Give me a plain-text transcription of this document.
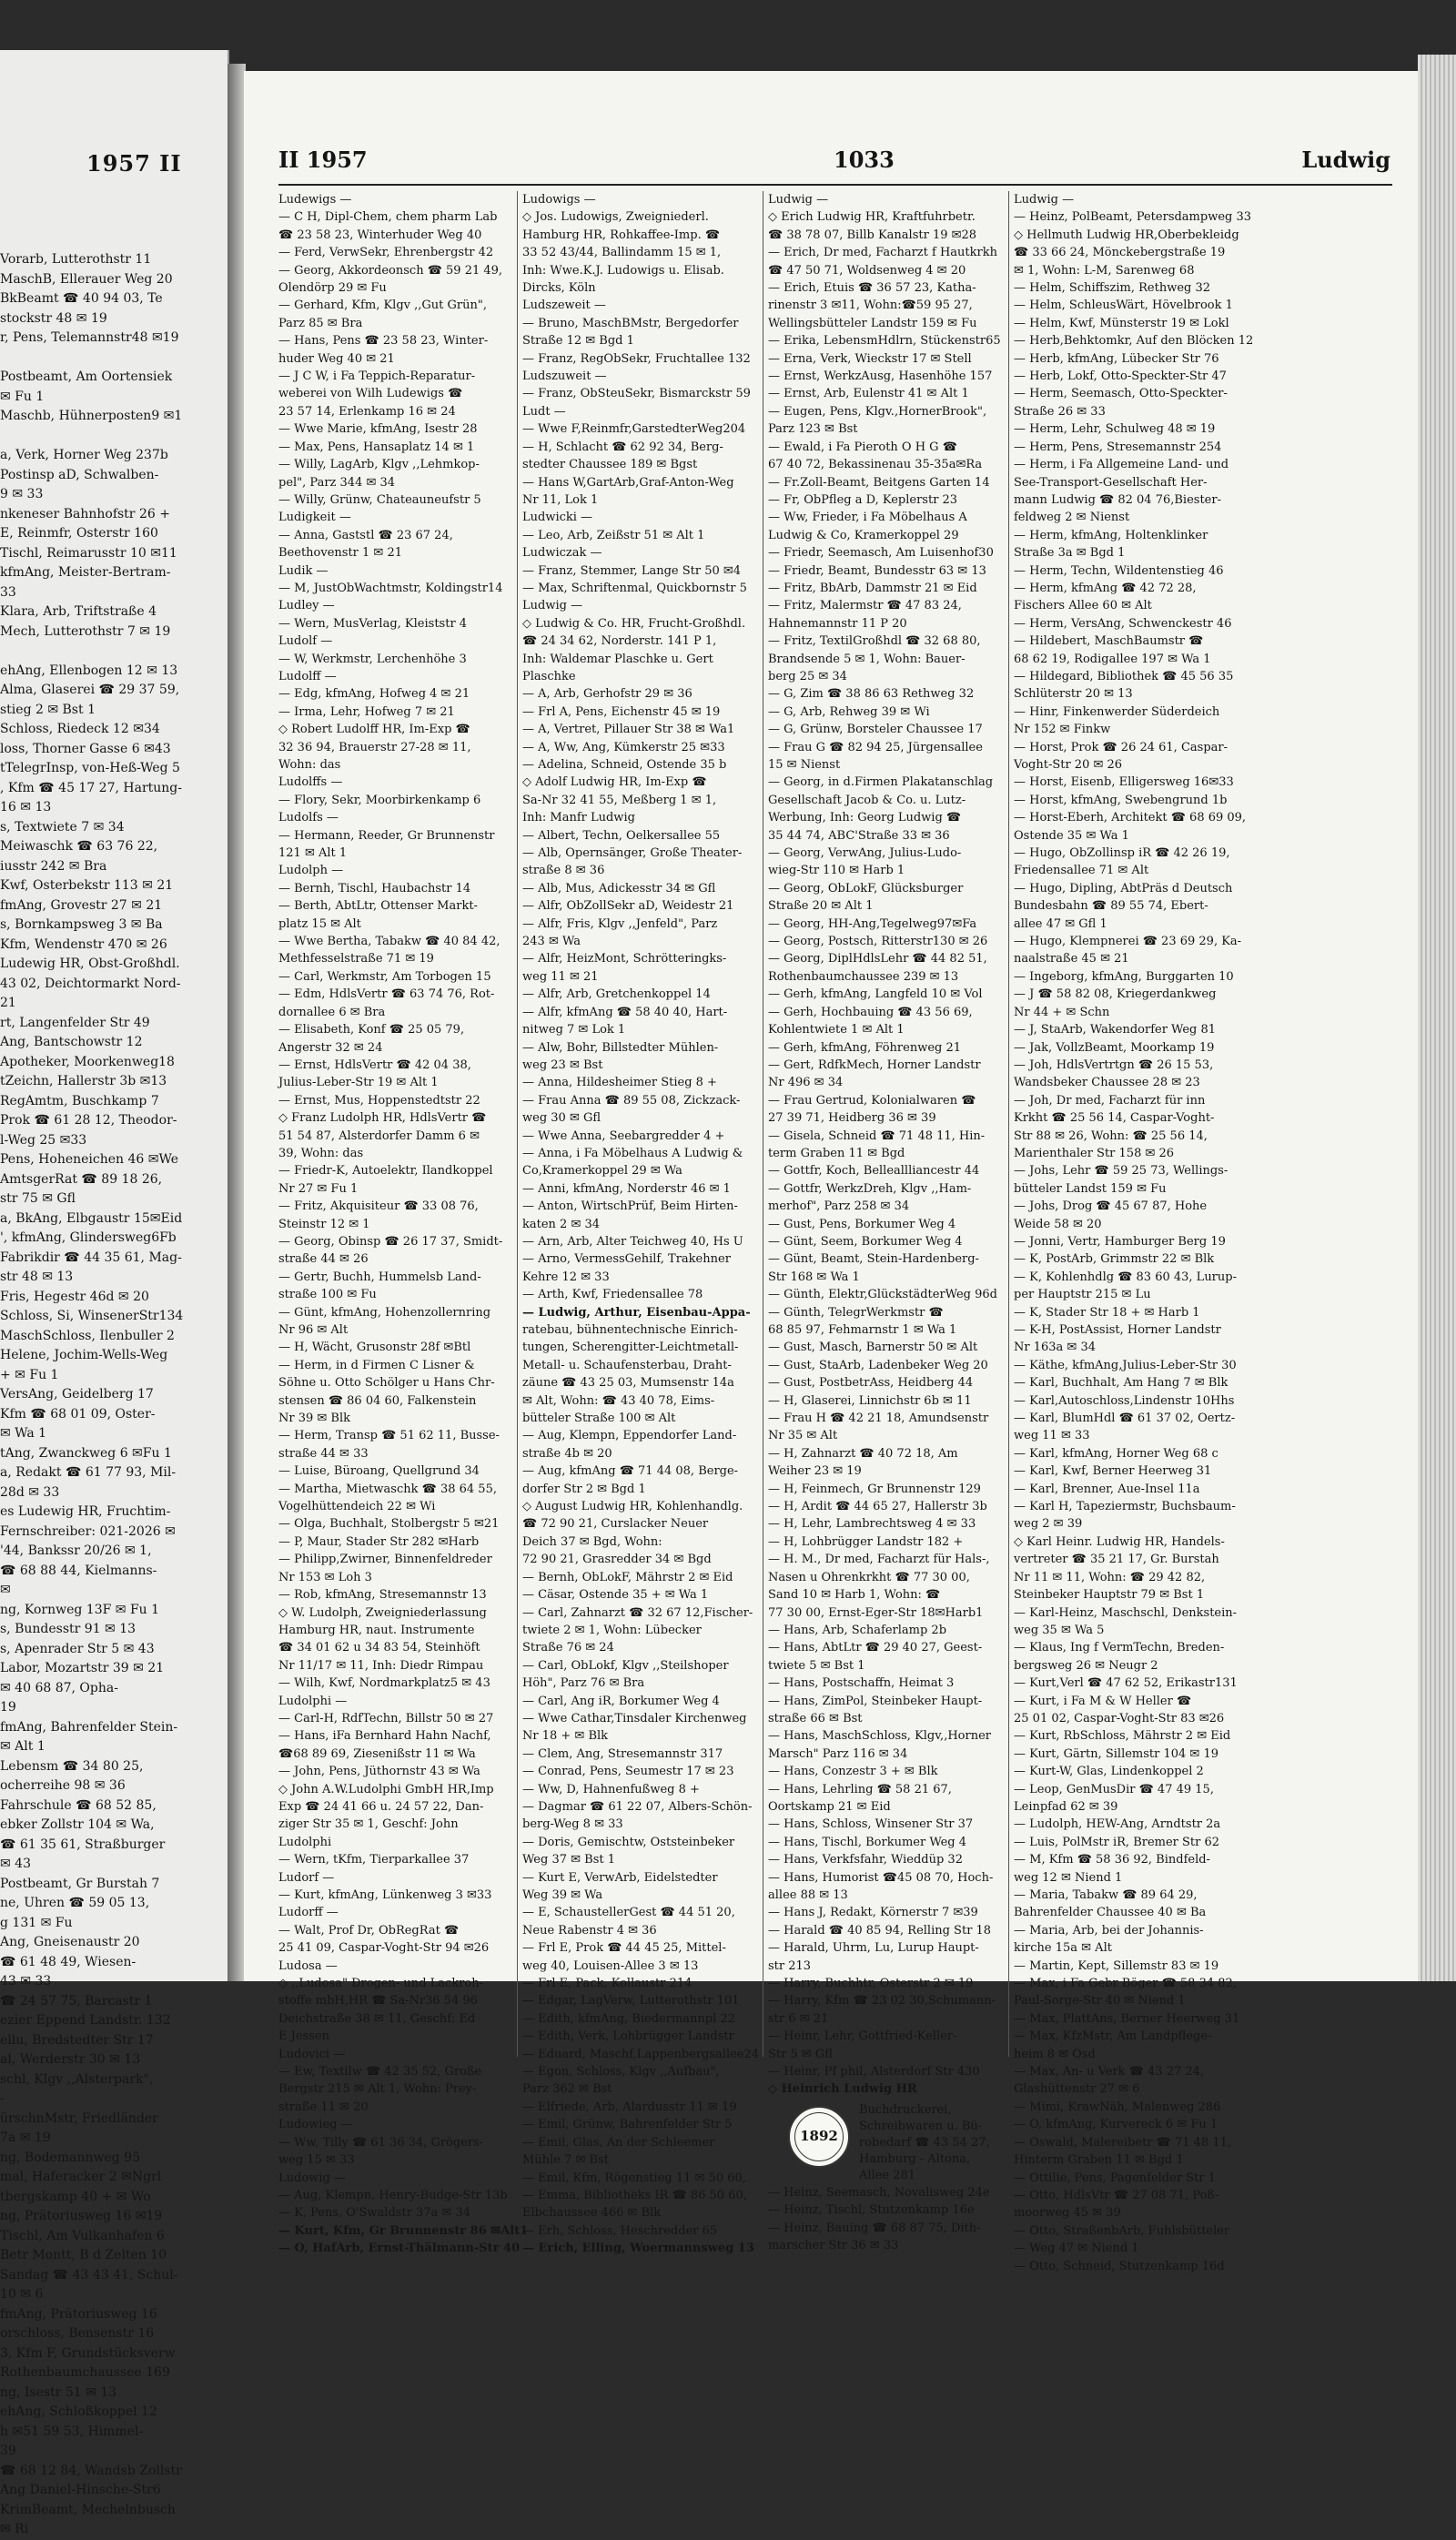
1957 II
Vorarb, Lutterothstr 11
MaschB, Ellerauer Weg 20
BkBeamt ☎ 40 94 03, Te
stockstr 48 ✉ 19
r, Pens, Telemannstr48 ✉19

Postbeamt, Am Oortensiek
✉ Fu 1
Maschb, Hühnerposten9 ✉1

a, Verk, Horner Weg 237b
Postinsp aD, Schwalben-
9 ✉ 33
nkeneser Bahnhofstr 26 +
E, Reinmfr, Osterstr 160
Tischl, Reimarusstr 10 ✉11
kfmAng, Meister-Bertram-
33
Klara, Arb, Triftstraße 4
Mech, Lutterothstr 7 ✉ 19

ehAng, Ellenbogen 12 ✉ 13
Alma, Glaserei ☎ 29 37 59,
stieg 2 ✉ Bst 1
Schloss, Riedeck 12 ✉34
loss, Thorner Gasse 6 ✉43
tTelegrInsp, von-Heß-Weg 5
, Kfm ☎ 45 17 27, Hartung-
16 ✉ 13
s, Textwiete 7 ✉ 34
Meiwaschk ☎ 63 76 22,
iusstr 242 ✉ Bra
Kwf, Osterbekstr 113 ✉ 21
fmAng, Grovestr 27 ✉ 21
s, Bornkampsweg 3 ✉ Ba
Kfm, Wendenstr 470 ✉ 26
Ludewig HR, Obst-Großhdl.
43 02, Deichtormarkt Nord-
21
rt, Langenfelder Str 49
Ang, Bantschowstr 12
Apotheker, Moorkenweg18
tZeichn, Hallerstr 3b ✉13
RegAmtm, Buschkamp 7
Prok ☎ 61 28 12, Theodor-
l-Weg 25 ✉33
Pens, Hoheneichen 46 ✉We
AmtsgerRat ☎ 89 18 26,
str 75 ✉ Gfl
a, BkAng, Elbgaustr 15✉Eid
', kfmAng, Glindersweg6Fb
Fabrikdir ☎ 44 35 61, Mag-
str 48 ✉ 13
Fris, Hegestr 46d ✉ 20
Schloss, Si, WinsenerStr134
MaschSchloss, Ilenbuller 2
Helene, Jochim-Wells-Weg
+ ✉ Fu 1
VersAng, Geidelberg 17
Kfm ☎ 68 01 09, Oster-
✉ Wa 1
tAng, Zwanckweg 6 ✉Fu 1
a, Redakt ☎ 61 77 93, Mil-
28d ✉ 33
es Ludewig HR, Fruchtim-
Fernschreiber: 021-2026 ✉
'44, Bankssr 20/26 ✉ 1,
☎ 68 88 44, Kielmanns-
✉
ng, Kornweg 13F ✉ Fu 1
s, Bundesstr 91 ✉ 13
s, Apenrader Str 5 ✉ 43
Labor, Mozartstr 39 ✉ 21
✉ 40 68 87, Opha-
19
fmAng, Bahrenfelder Stein-
✉ Alt 1
Lebensm ☎ 34 80 25,
ocherreihe 98 ✉ 36
Fahrschule ☎ 68 52 85,
ebker Zollstr 104 ✉ Wa,
☎ 61 35 61, Straßburger
✉ 43
Postbeamt, Gr Burstah 7
ne, Uhren ☎ 59 05 13,
g 131 ✉ Fu
Ang, Gneisenaustr 20
☎ 61 48 49, Wiesen-
43 ✉ 33
☎ 24 57 75, Barcastr 1
ezier Eppend Landstr. 132
ellu, Bredstedter Str 17
al, Werderstr 30 ✉ 13
schl, Klgv ,,Alsterpark",
-
ürschnMstr, Friedländer
7a ✉ 19
ng, Bodemannweg 95
mal, Haferacker 2 ✉Ngrl
tbergskamp 40 + ✉ Wo
ng, Prätoriusweg 16 ✉19
Tischl, Am Vulkanhafen 6
Betr Montt, B d Zelten 10
Sandag ☎ 43 43 41, Schul-
10 ✉ 6
fmAng, Prätoriusweg 16
orschloss, Bensenstr 16
3, Kfm F, Grundstücksverw
Rothenbaumchaussee 169
ng, Isestr 51 ✉ 13
ehAng, Schloßkoppel 12
h ✉51 59 53, Himmel-
39
☎ 68 12 84, Wandsb Zollstr
Ang Daniel-Hinsche-Str6
KrimBeamt, Mechelnbusch
✉ Ri
II 1957	1033	Ludwig
Ludewigs —
— C H, Dipl-Chem, chem pharm Lab
☎ 23 58 23, Winterhuder Weg 40
— Ferd, VerwSekr, Ehrenbergstr 42
— Georg, Akkordeonsch ☎ 59 21 49,
Olendörp 29 ✉ Fu
— Gerhard, Kfm, Klgv ,,Gut Grün",
Parz 85 ✉ Bra
— Hans, Pens ☎ 23 58 23, Winter-
huder Weg 40 ✉ 21
— J C W, i Fa Teppich-Reparatur-
weberei von Wilh Ludewigs ☎
23 57 14, Erlenkamp 16 ✉ 24
— Wwe Marie, kfmAng, Isestr 28
— Max, Pens, Hansaplatz 14 ✉ 1
— Willy, LagArb, Klgv ,,Lehmkop-
pel", Parz 344 ✉ 34
— Willy, Grünw, Chateauneufstr 5
Ludigkeit —
— Anna, Gaststl ☎ 23 67 24,
Beethovenstr 1 ✉ 21
Ludik —
— M, JustObWachtmstr, Koldingstr14
Ludley —
— Wern, MusVerlag, Kleiststr 4
Ludolf —
— W, Werkmstr, Lerchenhöhe 3
Ludolff —
— Edg, kfmAng, Hofweg 4 ✉ 21
— Irma, Lehr, Hofweg 7 ✉ 21
◇ Robert Ludolff HR, Im-Exp ☎
32 36 94, Brauerstr 27-28 ✉ 11,
Wohn: das
Ludolffs —
— Flory, Sekr, Moorbirkenkamp 6
Ludolfs —
— Hermann, Reeder, Gr Brunnenstr
121 ✉ Alt 1
Ludolph —
— Bernh, Tischl, Haubachstr 14
— Berth, AbtLtr, Ottenser Markt-
platz 15 ✉ Alt
— Wwe Bertha, Tabakw ☎ 40 84 42,
Methfesselstraße 71 ✉ 19
— Carl, Werkmstr, Am Torbogen 15
— Edm, HdlsVertr ☎ 63 74 76, Rot-
dornallee 6 ✉ Bra
— Elisabeth, Konf ☎ 25 05 79,
Angerstr 32 ✉ 24
— Ernst, HdlsVertr ☎ 42 04 38,
Julius-Leber-Str 19 ✉ Alt 1
— Ernst, Mus, Hoppenstedtstr 22
◇ Franz Ludolph HR, HdlsVertr ☎
51 54 87, Alsterdorfer Damm 6 ✉
39, Wohn: das
— Friedr-K, Autoelektr, Ilandkoppel
Nr 27 ✉ Fu 1
— Fritz, Akquisiteur ☎ 33 08 76,
Steinstr 12 ✉ 1
— Georg, Obinsp ☎ 26 17 37, Smidt-
straße 44 ✉ 26
— Gertr, Buchh, Hummelsb Land-
straße 100 ✉ Fu
— Günt, kfmAng, Hohenzollernring
Nr 96 ✉ Alt
— H, Wächt, Grusonstr 28f ✉Btl
— Herm, in d Firmen C Lisner &
Söhne u. Otto Schölger u Hans Chr-
stensen ☎ 86 04 60, Falkenstein
Nr 39 ✉ Blk
— Herm, Transp ☎ 51 62 11, Busse-
straße 44 ✉ 33
— Luise, Büroang, Quellgrund 34
— Martha, Mietwaschk ☎ 38 64 55,
Vogelhüttendeich 22 ✉ Wi
— Olga, Buchhalt, Stolbergstr 5 ✉21
— P, Maur, Stader Str 282 ✉Harb
— Philipp,Zwirner, Binnenfeldreder
Nr 153 ✉ Loh 3
— Rob, kfmAng, Stresemannstr 13
◇ W. Ludolph, Zweigniederlassung
Hamburg HR, naut. Instrumente
☎ 34 01 62 u 34 83 54, Steinhöft
Nr 11/17 ✉ 11, Inh: Diedr Rimpau
— Wilh, Kwf, Nordmarkplatz5 ✉ 43
Ludolphi —
— Carl-H, RdfTechn, Billstr 50 ✉ 27
— Hans, iFa Bernhard Hahn Nachf,
☎68 89 69, Ziesenißstr 11 ✉ Wa
— John, Pens, Jüthornstr 43 ✉ Wa
◇ John A.W.Ludolphi GmbH HR,Imp
Exp ☎ 24 41 66 u. 24 57 22, Dan-
ziger Str 35 ✉ 1, Geschf: John
Ludolphi
— Wern, tKfm, Tierparkallee 37
Ludorf —
— Kurt, kfmAng, Lünkenweg 3 ✉33
Ludorff —
— Walt, Prof Dr, ObRegRat ☎
25 41 09, Caspar-Voght-Str 94 ✉26
Ludosa —
◇ ,,Ludosa" Drogen- und Lackroh-
stoffe mbH,HR ☎ Sa-Nr36 54 96
Deichstraße 38 ✉ 11, Geschf: Ed
E Jessen
Ludovici —
— Ew, Textilw ☎ 42 35 52, Große
Bergstr 215 ✉ Alt 1, Wohn: Prey-
straße 11 ✉ 20
Ludowieg —
— Ww, Tilly ☎ 61 36 34, Grögers-
weg 15 ✉ 33
Ludowig —
— Aug, Klempn, Henry-Budge-Str 13b
— K, Pens, O'Swaldstr 37a ✉ 34
— Kurt, Kfm, Gr Brunnenstr 86 ✉Alt1
— O, HafArb, Ernst-Thälmann-Str 40
Ludowigs —
◇ Jos. Ludowigs, Zweigniederl.
Hamburg HR, Rohkaffee-Imp. ☎
33 52 43/44, Ballindamm 15 ✉ 1,
Inh: Wwe.K.J. Ludowigs u. Elisab.
Dircks, Köln
Ludszeweit —
— Bruno, MaschBMstr, Bergedorfer
Straße 12 ✉ Bgd 1
— Franz, RegObSekr, Fruchtallee 132
Ludszuweit —
— Franz, ObSteuSekr, Bismarckstr 59
Ludt —
— Wwe F,Reinmfr,GarstedterWeg204
— H, Schlacht ☎ 62 92 34, Berg-
stedter Chaussee 189 ✉ Bgst
— Hans W,GartArb,Graf-Anton-Weg
Nr 11, Lok 1
Ludwicki —
— Leo, Arb, Zeißstr 51 ✉ Alt 1
Ludwiczak —
— Franz, Stemmer, Lange Str 50 ✉4
— Max, Schriftenmal, Quickbornstr 5
Ludwig —
◇ Ludwig & Co. HR, Frucht-Großhdl.
☎ 24 34 62, Norderstr. 141 P 1,
Inh: Waldemar Plaschke u. Gert
Plaschke
— A, Arb, Gerhofstr 29 ✉ 36
— Frl A, Pens, Eichenstr 45 ✉ 19
— A, Vertret, Pillauer Str 38 ✉ Wa1
— A, Ww, Ang, Kümkerstr 25 ✉33
— Adelina, Schneid, Ostende 35 b
◇ Adolf Ludwig HR, Im-Exp ☎
Sa-Nr 32 41 55, Meßberg 1 ✉ 1,
Inh: Manfr Ludwig
— Albert, Techn, Oelkersallee 55
— Alb, Opernsänger, Große Theater-
straße 8 ✉ 36
— Alb, Mus, Adickesstr 34 ✉ Gfl
— Alfr, ObZollSekr aD, Weidestr 21
— Alfr, Fris, Klgv ,,Jenfeld", Parz
243 ✉ Wa
— Alfr, HeizMont, Schrötteringks-
weg 11 ✉ 21
— Alfr, Arb, Gretchenkoppel 14
— Alfr, kfmAng ☎ 58 40 40, Hart-
nitweg 7 ✉ Lok 1
— Alw, Bohr, Billstedter Mühlen-
weg 23 ✉ Bst
— Anna, Hildesheimer Stieg 8 +
— Frau Anna ☎ 89 55 08, Zickzack-
weg 30 ✉ Gfl
— Wwe Anna, Seebargredder 4 +
— Anna, i Fa Möbelhaus A Ludwig &
Co,Kramerkoppel 29 ✉ Wa
— Anni, kfmAng, Norderstr 46 ✉ 1
— Anton, WirtschPrüf, Beim Hirten-
katen 2 ✉ 34
— Arn, Arb, Alter Teichweg 40, Hs U
— Arno, VermessGehilf, Trakehner
Kehre 12 ✉ 33
— Arth, Kwf, Friedensallee 78
— Ludwig, Arthur, Eisenbau-Appa-
ratebau, bühnentechnische Einrich-
tungen, Scherengitter-Leichtmetall-
Metall- u. Schaufensterbau, Draht-
zäune ☎ 43 25 03, Mumsenstr 14a
✉ Alt, Wohn: ☎ 43 40 78, Eims-
bütteler Straße 100 ✉ Alt
— Aug, Klempn, Eppendorfer Land-
straße 4b ✉ 20
— Aug, kfmAng ☎ 71 44 08, Berge-
dorfer Str 2 ✉ Bgd 1
◇ August Ludwig HR, Kohlenhandlg.
☎ 72 90 21, Curslacker Neuer
Deich 37 ✉ Bgd, Wohn:
72 90 21, Grasredder 34 ✉ Bgd
— Bernh, ObLokF, Mährstr 2 ✉ Eid
— Cäsar, Ostende 35 + ✉ Wa 1
— Carl, Zahnarzt ☎ 32 67 12,Fischer-
twiete 2 ✉ 1, Wohn: Lübecker
Straße 76 ✉ 24
— Carl, ObLokf, Klgv ,,Steilshoper
Höh", Parz 76 ✉ Bra
— Carl, Ang iR, Borkumer Weg 4
— Wwe Cathar,Tinsdaler Kirchenweg
Nr 18 + ✉ Blk
— Clem, Ang, Stresemannstr 317
— Conrad, Pens, Seumestr 17 ✉ 23
— Ww, D, Hahnenfußweg 8 +
— Dagmar ☎ 61 22 07, Albers-Schön-
berg-Weg 8 ✉ 33
— Doris, Gemischtw, Oststeinbeker
Weg 37 ✉ Bst 1
— Kurt E, VerwArb, Eidelstedter
Weg 39 ✉ Wa
— E, SchaustellerGest ☎ 44 51 20,
Neue Rabenstr 4 ✉ 36
— Frl E, Prok ☎ 44 45 25, Mittel-
weg 40, Louisen-Allee 3 ✉ 13
— Frl E, Pack, Kollaustr 214
— Edgar, LagVerw, Lutterothstr 101
— Edith, kfmAng, Biedermannpl 22
— Edith, Verk, Lohbrügger Landstr
— Eduard, Maschf,Lappenbergsallee24
— Egon, Schloss, Klgv ,,Aufbau",
Parz 362 ✉ Bst
— Elfriede, Arb, Alardusstr 11 ✉ 19
— Emil, Grünw, Bahrenfelder Str 5
— Emil, Glas, An der Schleemer
Mühle 7 ✉ Bst
— Emil, Kfm, Rögenstieg 11 ✉ 50 60,
— Emma, Bibliotheks IR ☎ 86 50 60,
Elbchaussee 466 ✉ Blk
— Erh, Schloss, Heschredder 65
— Erich, Elling, Woermannsweg 13
Ludwig —
◇ Erich Ludwig HR, Kraftfuhrbetr.
☎ 38 78 07, Billb Kanalstr 19 ✉28
— Erich, Dr med, Facharzt f Hautkrkh
☎ 47 50 71, Woldsenweg 4 ✉ 20
— Erich, Etuis ☎ 36 57 23, Katha-
rinenstr 3 ✉11, Wohn:☎59 95 27,
Wellingsbütteler Landstr 159 ✉ Fu
— Erika, LebensmHdlrn, Stückenstr65
— Erna, Verk, Wieckstr 17 ✉ Stell
— Ernst, WerkzAusg, Hasenhöhe 157
— Ernst, Arb, Eulenstr 41 ✉ Alt 1
— Eugen, Pens, Klgv.,HornerBrook",
Parz 123 ✉ Bst
— Ewald, i Fa Pieroth O H G ☎
67 40 72, Bekassinenau 35-35a✉Ra
— Fr.Zoll-Beamt, Beitgens Garten 14
— Fr, ObPfleg a D, Keplerstr 23
— Ww, Frieder, i Fa Möbelhaus A
Ludwig & Co, Kramerkoppel 29
— Friedr, Seemasch, Am Luisenhof30
— Friedr, Beamt, Bundesstr 63 ✉ 13
— Fritz, BbArb, Dammstr 21 ✉ Eid
— Fritz, Malermstr ☎ 47 83 24,
Hahnemannstr 11 P 20
— Fritz, TextilGroßhdl ☎ 32 68 80,
Brandsende 5 ✉ 1, Wohn: Bauer-
berg 25 ✉ 34
— G, Zim ☎ 38 86 63 Rethweg 32
— G, Arb, Rehweg 39 ✉ Wi
— G, Grünw, Borsteler Chaussee 17
— Frau G ☎ 82 94 25, Jürgensallee
15 ✉ Nienst
— Georg, in d.Firmen Plakatanschlag
Gesellschaft Jacob & Co. u. Lutz-
Werbung, Inh: Georg Ludwig ☎
35 44 74, ABC'Straße 33 ✉ 36
— Georg, VerwAng, Julius-Ludo-
wieg-Str 110 ✉ Harb 1
— Georg, ObLokF, Glücksburger
Straße 20 ✉ Alt 1
— Georg, HH-Ang,Tegelweg97✉Fa
— Georg, Postsch, Ritterstr130 ✉ 26
— Georg, DiplHdlsLehr ☎ 44 82 51,
Rothenbaumchaussee 239 ✉ 13
— Gerh, kfmAng, Langfeld 10 ✉ Vol
— Gerh, Hochbauing ☎ 43 56 69,
Kohlentwiete 1 ✉ Alt 1
— Gerh, kfmAng, Föhrenweg 21
— Gert, RdfkMech, Horner Landstr
Nr 496 ✉ 34
— Frau Gertrud, Kolonialwaren ☎
27 39 71, Heidberg 36 ✉ 39
— Gisela, Schneid ☎ 71 48 11, Hin-
term Graben 11 ✉ Bgd
— Gottfr, Koch, Belleallliancestr 44
— Gottfr, WerkzDreh, Klgv ,,Ham-
merhof", Parz 258 ✉ 34
— Gust, Pens, Borkumer Weg 4
— Günt, Seem, Borkumer Weg 4
— Günt, Beamt, Stein-Hardenberg-
Str 168 ✉ Wa 1
— Günth, Elektr,GlückstädterWeg 96d
— Günth, TelegrWerkmstr ☎
68 85 97, Fehmarnstr 1 ✉ Wa 1
— Gust, Masch, Barnerstr 50 ✉ Alt
— Gust, StaArb, Ladenbeker Weg 20
— Gust, PostbetrAss, Heidberg 44
— H, Glaserei, Linnichstr 6b ✉ 11
— Frau H ☎ 42 21 18, Amundsenstr
Nr 35 ✉ Alt
— H, Zahnarzt ☎ 40 72 18, Am
Weiher 23 ✉ 19
— H, Feinmech, Gr Brunnenstr 129
— H, Ardit ☎ 44 65 27, Hallerstr 3b
— H, Lehr, Lambrechtsweg 4 ✉ 33
— H, Lohbrügger Landstr 182 +
— H. M., Dr med, Facharzt für Hals-,
Nasen u Ohrenkrkht ☎ 77 30 00,
Sand 10 ✉ Harb 1, Wohn: ☎
77 30 00, Ernst-Eger-Str 18✉Harb1
— Hans, Arb, Schaferlamp 2b
— Hans, AbtLtr ☎ 29 40 27, Geest-
twiete 5 ✉ Bst 1
— Hans, Postschaffn, Heimat 3
— Hans, ZimPol, Steinbeker Haupt-
straße 66 ✉ Bst
— Hans, MaschSchloss, Klgv,,Horner
Marsch" Parz 116 ✉ 34
— Hans, Conzestr 3 + ✉ Blk
— Hans, Lehrling ☎ 58 21 67,
Oortskamp 21 ✉ Eid
— Hans, Schloss, Winsener Str 37
— Hans, Tischl, Borkumer Weg 4
— Hans, Verkfsfahr, Wieddüp 32
— Hans, Humorist ☎45 08 70, Hoch-
allee 88 ✉ 13
— Hans J, Redakt, Körnerstr 7 ✉39
— Harald ☎ 40 85 94, Relling Str 18
— Harald, Uhrm, Lu, Lurup Haupt-
str 213
— Harry, Buchhtr, Osterstr 2 ✉ 19
— Harry, Kfm ☎ 23 02 30,Schumann-
str 6 ✉ 21
— Heinr, Lehr, Gottfried-Keller-
Str 5 ✉ Gfl
— Heinr, Pf phil, Alsterdorf Str 430
◇ Heinrich Ludwig HR
1892
Buchdruckerei,
Schreibwaren u. Bü-
robedarf ☎ 43 54 27,
Hamburg - Altona,
Allee 281
— Heinz, Seemasch, Novalisweg 24e
— Heinz, Tischl, Stutzenkamp 16e
— Heinz, Bauing ☎ 68 87 75, Dith-
marscher Str 36 ✉ 33
Ludwig —
— Heinz, PolBeamt, Petersdampweg 33
◇ Hellmuth Ludwig HR,Oberbekleidg
☎ 33 66 24, Mönckebergstraße 19
✉ 1, Wohn: L-M, Sarenweg 68
— Helm, Schiffszim, Rethweg 32
— Helm, SchleusWärt, Hövelbrook 1
— Helm, Kwf, Münsterstr 19 ✉ Lokl
— Herb,Behktomkr, Auf den Blöcken 12
— Herb, kfmAng, Lübecker Str 76
— Herb, Lokf, Otto-Speckter-Str 47
— Herm, Seemasch, Otto-Speckter-
Straße 26 ✉ 33
— Herm, Lehr, Schulweg 48 ✉ 19
— Herm, Pens, Stresemannstr 254
— Herm, i Fa Allgemeine Land- und
See-Transport-Gesellschaft Her-
mann Ludwig ☎ 82 04 76,Biester-
feldweg 2 ✉ Nienst
— Herm, kfmAng, Holtenklinker
Straße 3a ✉ Bgd 1
— Herm, Techn, Wildentenstieg 46
— Herm, kfmAng ☎ 42 72 28,
Fischers Allee 60 ✉ Alt
— Herm, VersAng, Schwenckestr 46
— Hildebert, MaschBaumstr ☎
68 62 19, Rodigallee 197 ✉ Wa 1
— Hildegard, Bibliothek ☎ 45 56 35
Schlüterstr 20 ✉ 13
— Hinr, Finkenwerder Süderdeich
Nr 152 ✉ Finkw
— Horst, Prok ☎ 26 24 61, Caspar-
Voght-Str 20 ✉ 26
— Horst, Eisenb, Elligersweg 16✉33
— Horst, kfmAng, Swebengrund 1b
— Horst-Eberh, Architekt ☎ 68 69 09,
Ostende 35 ✉ Wa 1
— Hugo, ObZollinsp iR ☎ 42 26 19,
Friedensallee 71 ✉ Alt
— Hugo, Dipling, AbtPräs d Deutsch
Bundesbahn ☎ 89 55 74, Ebert-
allee 47 ✉ Gfl 1
— Hugo, Klempnerei ☎ 23 69 29, Ka-
naalstraße 45 ✉ 21
— Ingeborg, kfmAng, Burggarten 10
— J ☎ 58 82 08, Kriegerdankweg
Nr 44 + ✉ Schn
— J, StaArb, Wakendorfer Weg 81
— Jak, VollzBeamt, Moorkamp 19
— Joh, HdlsVertrtgn ☎ 26 15 53,
Wandsbeker Chaussee 28 ✉ 23
— Joh, Dr med, Facharzt für inn
Krkht ☎ 25 56 14, Caspar-Voght-
Str 88 ✉ 26, Wohn: ☎ 25 56 14,
Marienthaler Str 158 ✉ 26
— Johs, Lehr ☎ 59 25 73, Wellings-
bütteler Landst 159 ✉ Fu
— Johs, Drog ☎ 45 67 87, Hohe
Weide 58 ✉ 20
— Jonni, Vertr, Hamburger Berg 19
— K, PostArb, Grimmstr 22 ✉ Blk
— K, Kohlenhdlg ☎ 83 60 43, Lurup-
per Hauptstr 215 ✉ Lu
— K, Stader Str 18 + ✉ Harb 1
— K-H, PostAssist, Horner Landstr
Nr 163a ✉ 34
— Käthe, kfmAng,Julius-Leber-Str 30
— Karl, Buchhalt, Am Hang 7 ✉ Blk
— Karl,Autoschloss,Lindenstr 10Hhs
— Karl, BlumHdl ☎ 61 37 02, Oertz-
weg 11 ✉ 33
— Karl, kfmAng, Horner Weg 68 c
— Karl, Kwf, Berner Heerweg 31
— Karl, Brenner, Aue-Insel 11a
— Karl H, Tapeziermstr, Buchsbaum-
weg 2 ✉ 39
◇ Karl Heinr. Ludwig HR, Handels-
vertreter ☎ 35 21 17, Gr. Burstah
Nr 11 ✉ 11, Wohn: ☎ 29 42 82,
Steinbeker Hauptstr 79 ✉ Bst 1
— Karl-Heinz, Maschschl, Denkstein-
weg 35 ✉ Wa 5
— Klaus, Ing f VermTechn, Breden-
bergsweg 26 ✉ Neugr 2
— Kurt,Verl ☎ 47 62 52, Erikastr131
— Kurt, i Fa M & W Heller ☎
25 01 02, Caspar-Voght-Str 83 ✉26
— Kurt, RbSchloss, Mährstr 2 ✉ Eid
— Kurt, Gärtn, Sillemstr 104 ✉ 19
— Kurt-W, Glas, Lindenkoppel 2
— Leop, GenMusDir ☎ 47 49 15,
Leinpfad 62 ✉ 39
— Ludolph, HEW-Ang, Arndtstr 2a
— Luis, PolMstr iR, Bremer Str 62
— M, Kfm ☎ 58 36 92, Bindfeld-
weg 12 ✉ Niend 1
— Maria, Tabakw ☎ 89 64 29,
Bahrenfelder Chaussee 40 ✉ Ba
— Maria, Arb, bei der Johannis-
kirche 15a ✉ Alt
— Martin, Kept, Sillemstr 83 ✉ 19
— Max, i Fa Gebr Böger ☎ 58 34 82,
Paul-Sorge-Str 40 ✉ Niend 1
— Max, PlattAns, Berner Heerweg 31
— Max, KfzMstr, Am Landpflege-
heim 8 ✉ Osd
— Max, An- u Verk ☎ 43 27 24,
Glashüttenstr 27 ✉ 6
— Mimi, KrawNäh, Malenweg 286
— O, kfmAng, Kurvereck 6 ✉ Fu 1
— Oswald, Malereibetr ☎ 71 48 11,
Hinterm Graben 11 ✉ Bgd 1
— Ottilie, Pens, Pagenfelder Str 1
— Otto, HdlsVtr ☎ 27 08 71, Poß-
moorweg 45 ✉ 39
— Otto, StraßenbArb, Fuhlsbütteler
— Weg 47 ✉ Niend 1
— Otto, Schneid, Stutzenkamp 16d
